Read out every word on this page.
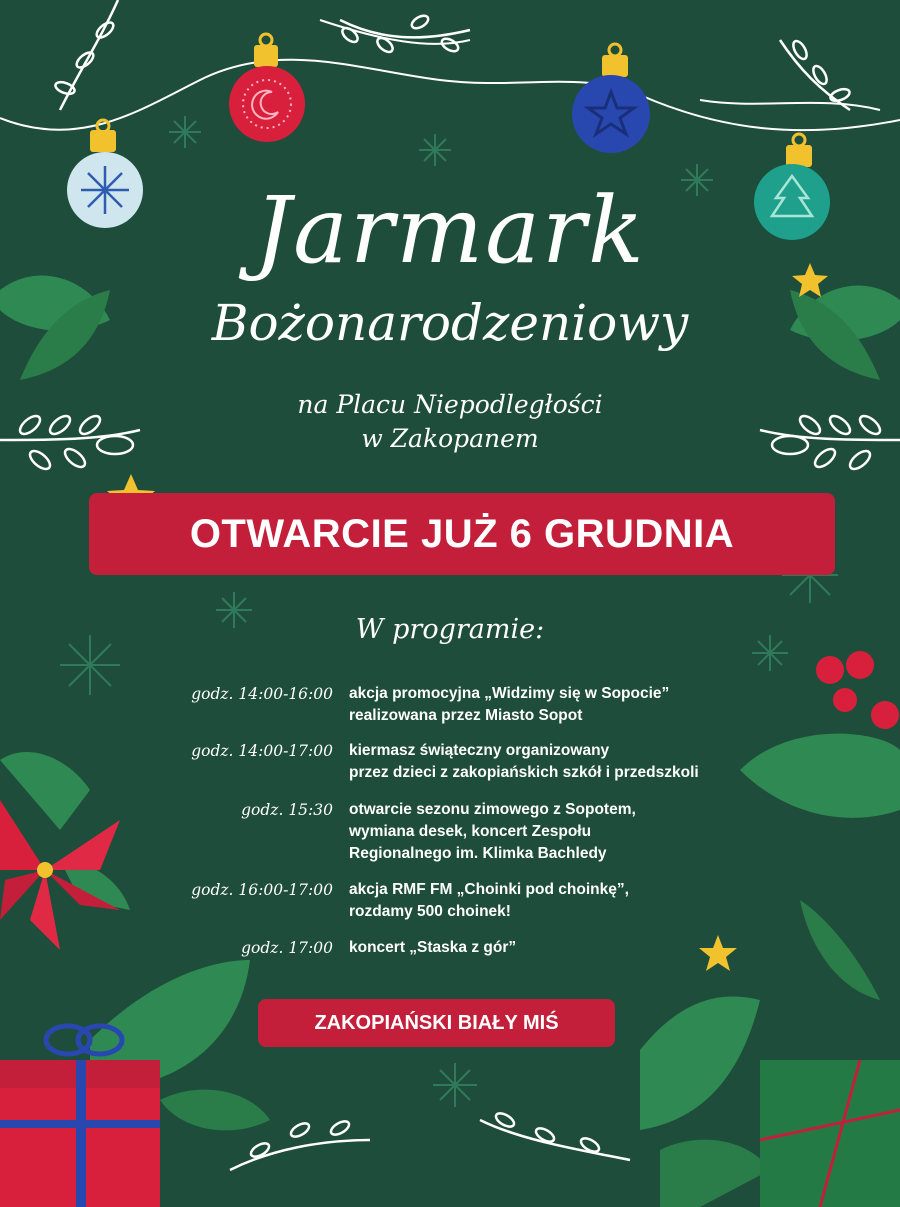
Jarmark
Bożonarodzeniowy
na Placu Niepodległości
w Zakopanem
OTWARCIE JUŻ 6 GRUDNIA
W programie:
godz. 14:00-16:00 akcja promocyjna „Widzimy się w Sopocie”
realizowana przez Miasto Sopot
godz. 14:00-17:00 kiermasz świąteczny organizowany
przez dzieci z zakopiańskich szkół i przedszkoli
godz. 15:30 otwarcie sezonu zimowego z Sopotem,
wymiana desek, koncert Zespołu
Regionalnego im. Klimka Bachledy
godz. 16:00-17:00 akcja RMF FM „Choinki pod choinkę”,
rozdamy 500 choinek!
godz. 17:00 koncert „Staska z gór”
ZAKOPIAŃSKI BIAŁY MIŚ
